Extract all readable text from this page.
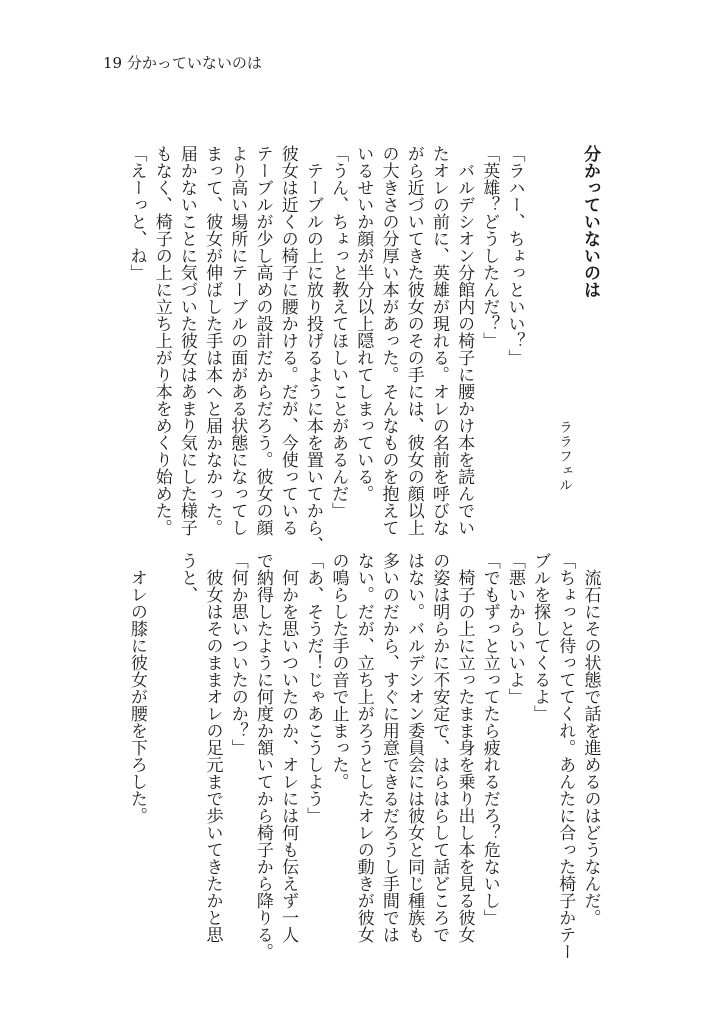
19 分かっていないのは
分かっていないのは
ララフェル
「ラハー、ちょっといい？」
「英雄？どうしたんだ？」
　バルデシオン分館内の椅子に腰かけ本を読んでい
たオレの前に、英雄が現れる。オレの名前を呼びな
がら近づいてきた彼女のその手には、彼女の顔以上
の大きさの分厚い本があった。そんなものを抱えて
いるせいか顔が半分以上隠れてしまっている。
「うん、ちょっと教えてほしいことがあるんだ」
　テーブルの上に放り投げるように本を置いてから、
彼女は近くの椅子に腰かける。だが、今使っている
テーブルが少し高めの設計だからだろう。彼女の顔
より高い場所にテーブルの面がある状態になってし
まって、彼女が伸ばした手は本へと届かなかった。
届かないことに気づいた彼女はあまり気にした様子
もなく、椅子の上に立ち上がり本をめくり始めた。
「えーっと、ね」
　流石にその状態で話を進めるのはどうなんだ。
「ちょっと待っててくれ。あんたに合った椅子かテー
ブルを探してくるよ」
「悪いからいいよ」
「でもずっと立ってたら疲れるだろ？危ないし」
　椅子の上に立ったまま身を乗り出し本を見る彼女
の姿は明らかに不安定で、はらはらして話どころで
はない。バルデシオン委員会には彼女と同じ種族も
多いのだから、すぐに用意できるだろうし手間では
ない。だが、立ち上がろうとしたオレの動きが彼女
の鳴らした手の音で止まった。
「あ、そうだ！じゃあこうしよう」
　何かを思いついたのか、オレには何も伝えず一人
で納得したように何度か頷いてから椅子から降りる。
「何か思いついたのか？」
　彼女はそのままオレの足元まで歩いてきたかと思
うと、
　オレの膝に彼女が腰を下ろした。
